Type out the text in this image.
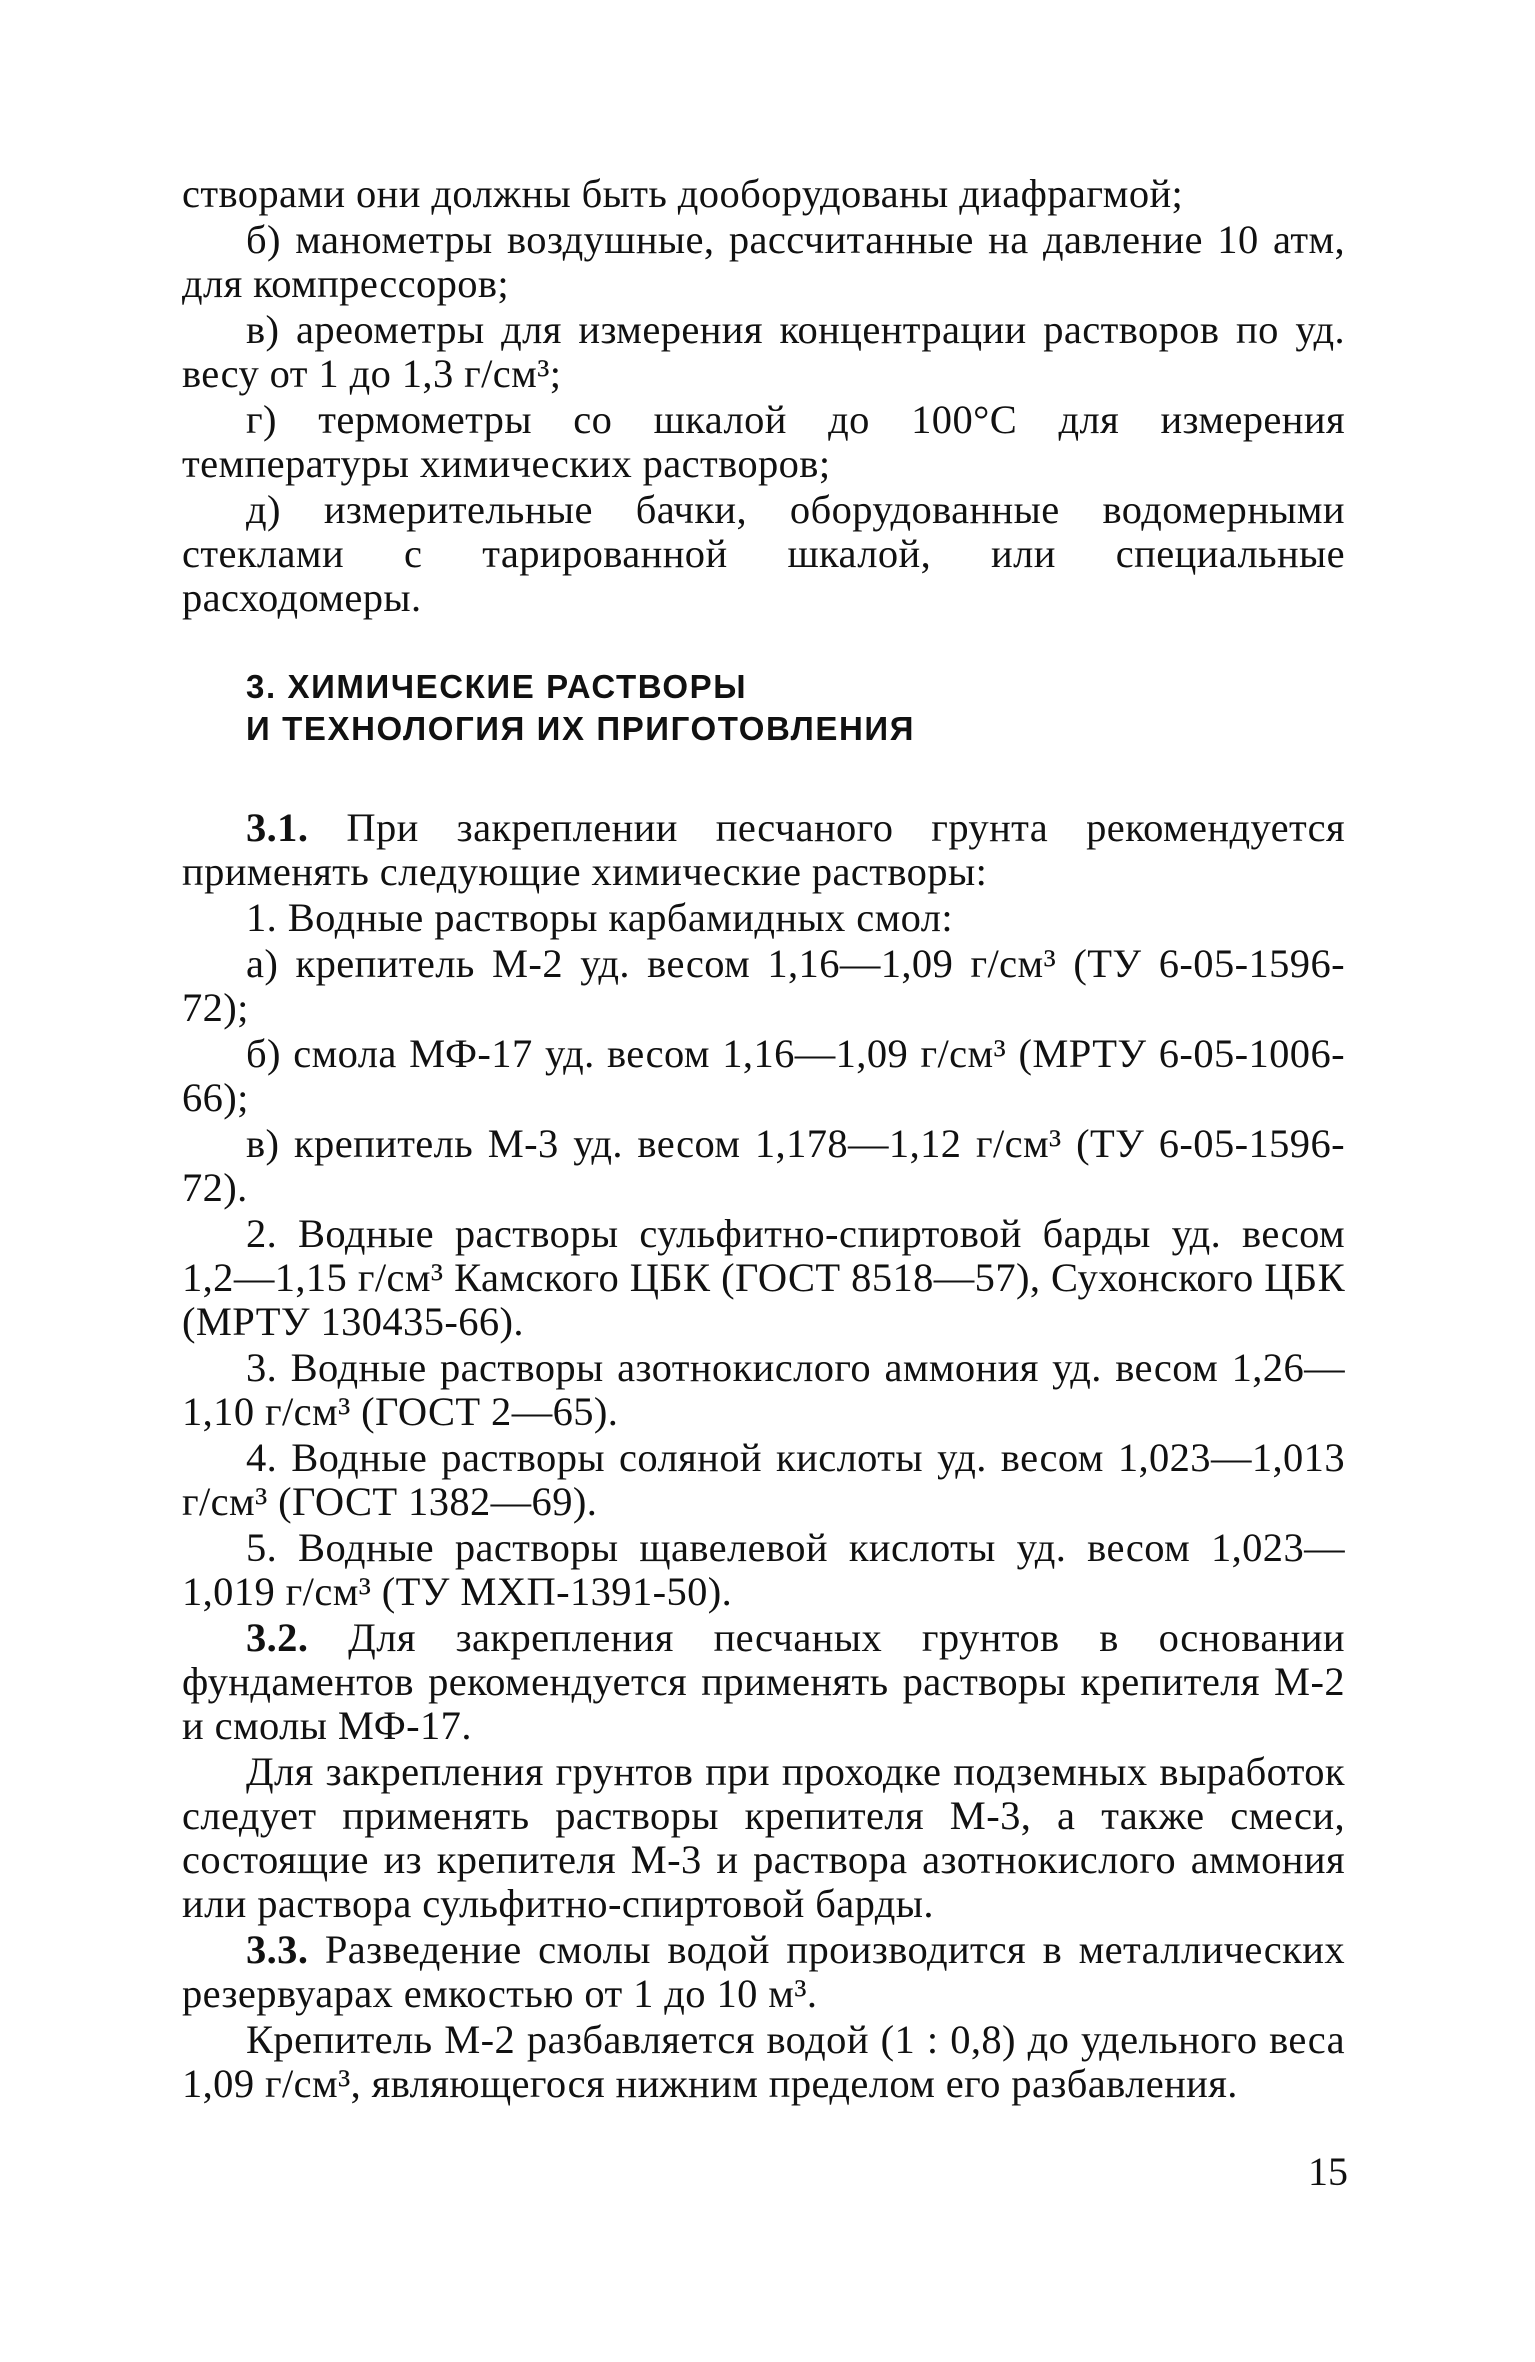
створами они должны быть дооборудованы диафрагмой;

б) манометры воздушные, рассчитанные на давление 10 атм, для компрессоров;

в) ареометры для измерения концентрации растворов по уд. весу от 1 до 1,3 г/см³;

г) термометры со шкалой до 100°С для измерения температуры химических растворов;

д) измерительные бачки, оборудованные водомерными стеклами с тарированной шкалой, или специальные расходомеры.

3. ХИМИЧЕСКИЕ РАСТВОРЫ
И ТЕХНОЛОГИЯ ИХ ПРИГОТОВЛЕНИЯ

3.1. При закреплении песчаного грунта рекомендуется применять следующие химические растворы:

1. Водные растворы карбамидных смол:

а) крепитель М-2 уд. весом 1,16—1,09 г/см³ (ТУ 6-05-1596-72);

б) смола МФ-17 уд. весом 1,16—1,09 г/см³ (МРТУ 6-05-1006-66);

в) крепитель М-3 уд. весом 1,178—1,12 г/см³ (ТУ 6-05-1596-72).

2. Водные растворы сульфитно-спиртовой барды уд. весом 1,2—1,15 г/см³ Камского ЦБК (ГОСТ 8518—57), Сухонского ЦБК (МРТУ 130435-66).

3. Водные растворы азотнокислого аммония уд. весом 1,26—1,10 г/см³ (ГОСТ 2—65).

4. Водные растворы соляной кислоты уд. весом 1,023—1,013 г/см³ (ГОСТ 1382—69).

5. Водные растворы щавелевой кислоты уд. весом 1,023—1,019 г/см³ (ТУ МХП-1391-50).

3.2. Для закрепления песчаных грунтов в основании фундаментов рекомендуется применять растворы крепителя М-2 и смолы МФ-17.

Для закрепления грунтов при проходке подземных выработок следует применять растворы крепителя М-3, а также смеси, состоящие из крепителя М-3 и раствора азотнокислого аммония или раствора сульфитно-спиртовой барды.

3.3. Разведение смолы водой производится в металлических резервуарах емкостью от 1 до 10 м³.

Крепитель М-2 разбавляется водой (1 : 0,8) до удельного веса 1,09 г/см³, являющегося нижним пределом его разбавления.

15
